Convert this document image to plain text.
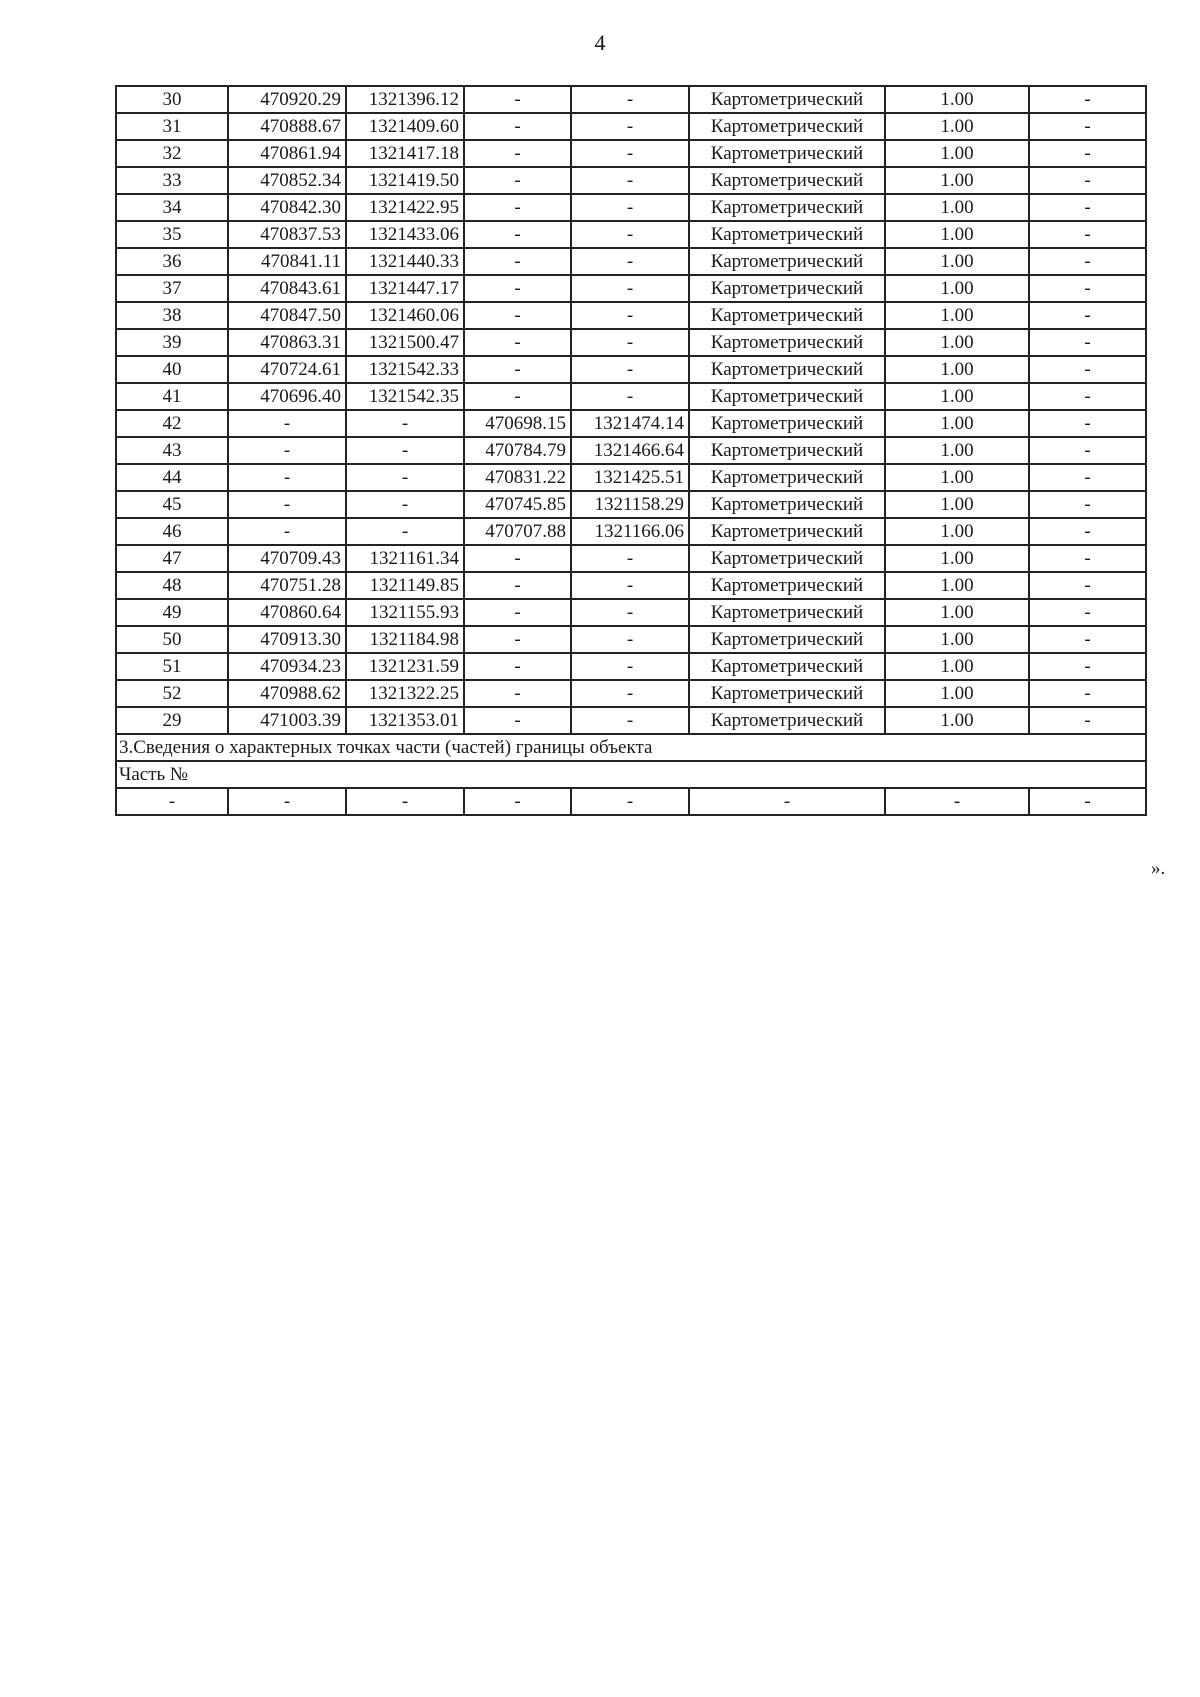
4
30	470920.29	1321396.12	-	-	Картометрический	1.00	-
31	470888.67	1321409.60	-	-	Картометрический	1.00	-
32	470861.94	1321417.18	-	-	Картометрический	1.00	-
33	470852.34	1321419.50	-	-	Картометрический	1.00	-
34	470842.30	1321422.95	-	-	Картометрический	1.00	-
35	470837.53	1321433.06	-	-	Картометрический	1.00	-
36	470841.11	1321440.33	-	-	Картометрический	1.00	-
37	470843.61	1321447.17	-	-	Картометрический	1.00	-
38	470847.50	1321460.06	-	-	Картометрический	1.00	-
39	470863.31	1321500.47	-	-	Картометрический	1.00	-
40	470724.61	1321542.33	-	-	Картометрический	1.00	-
41	470696.40	1321542.35	-	-	Картометрический	1.00	-
42	-	-	470698.15	1321474.14	Картометрический	1.00	-
43	-	-	470784.79	1321466.64	Картометрический	1.00	-
44	-	-	470831.22	1321425.51	Картометрический	1.00	-
45	-	-	470745.85	1321158.29	Картометрический	1.00	-
46	-	-	470707.88	1321166.06	Картометрический	1.00	-
47	470709.43	1321161.34	-	-	Картометрический	1.00	-
48	470751.28	1321149.85	-	-	Картометрический	1.00	-
49	470860.64	1321155.93	-	-	Картометрический	1.00	-
50	470913.30	1321184.98	-	-	Картометрический	1.00	-
51	470934.23	1321231.59	-	-	Картометрический	1.00	-
52	470988.62	1321322.25	-	-	Картометрический	1.00	-
29	471003.39	1321353.01	-	-	Картометрический	1.00	-
3.Сведения о характерных точках части (частей) границы объекта							
Часть №							
-	-	-	-	-	-	-	-
».
